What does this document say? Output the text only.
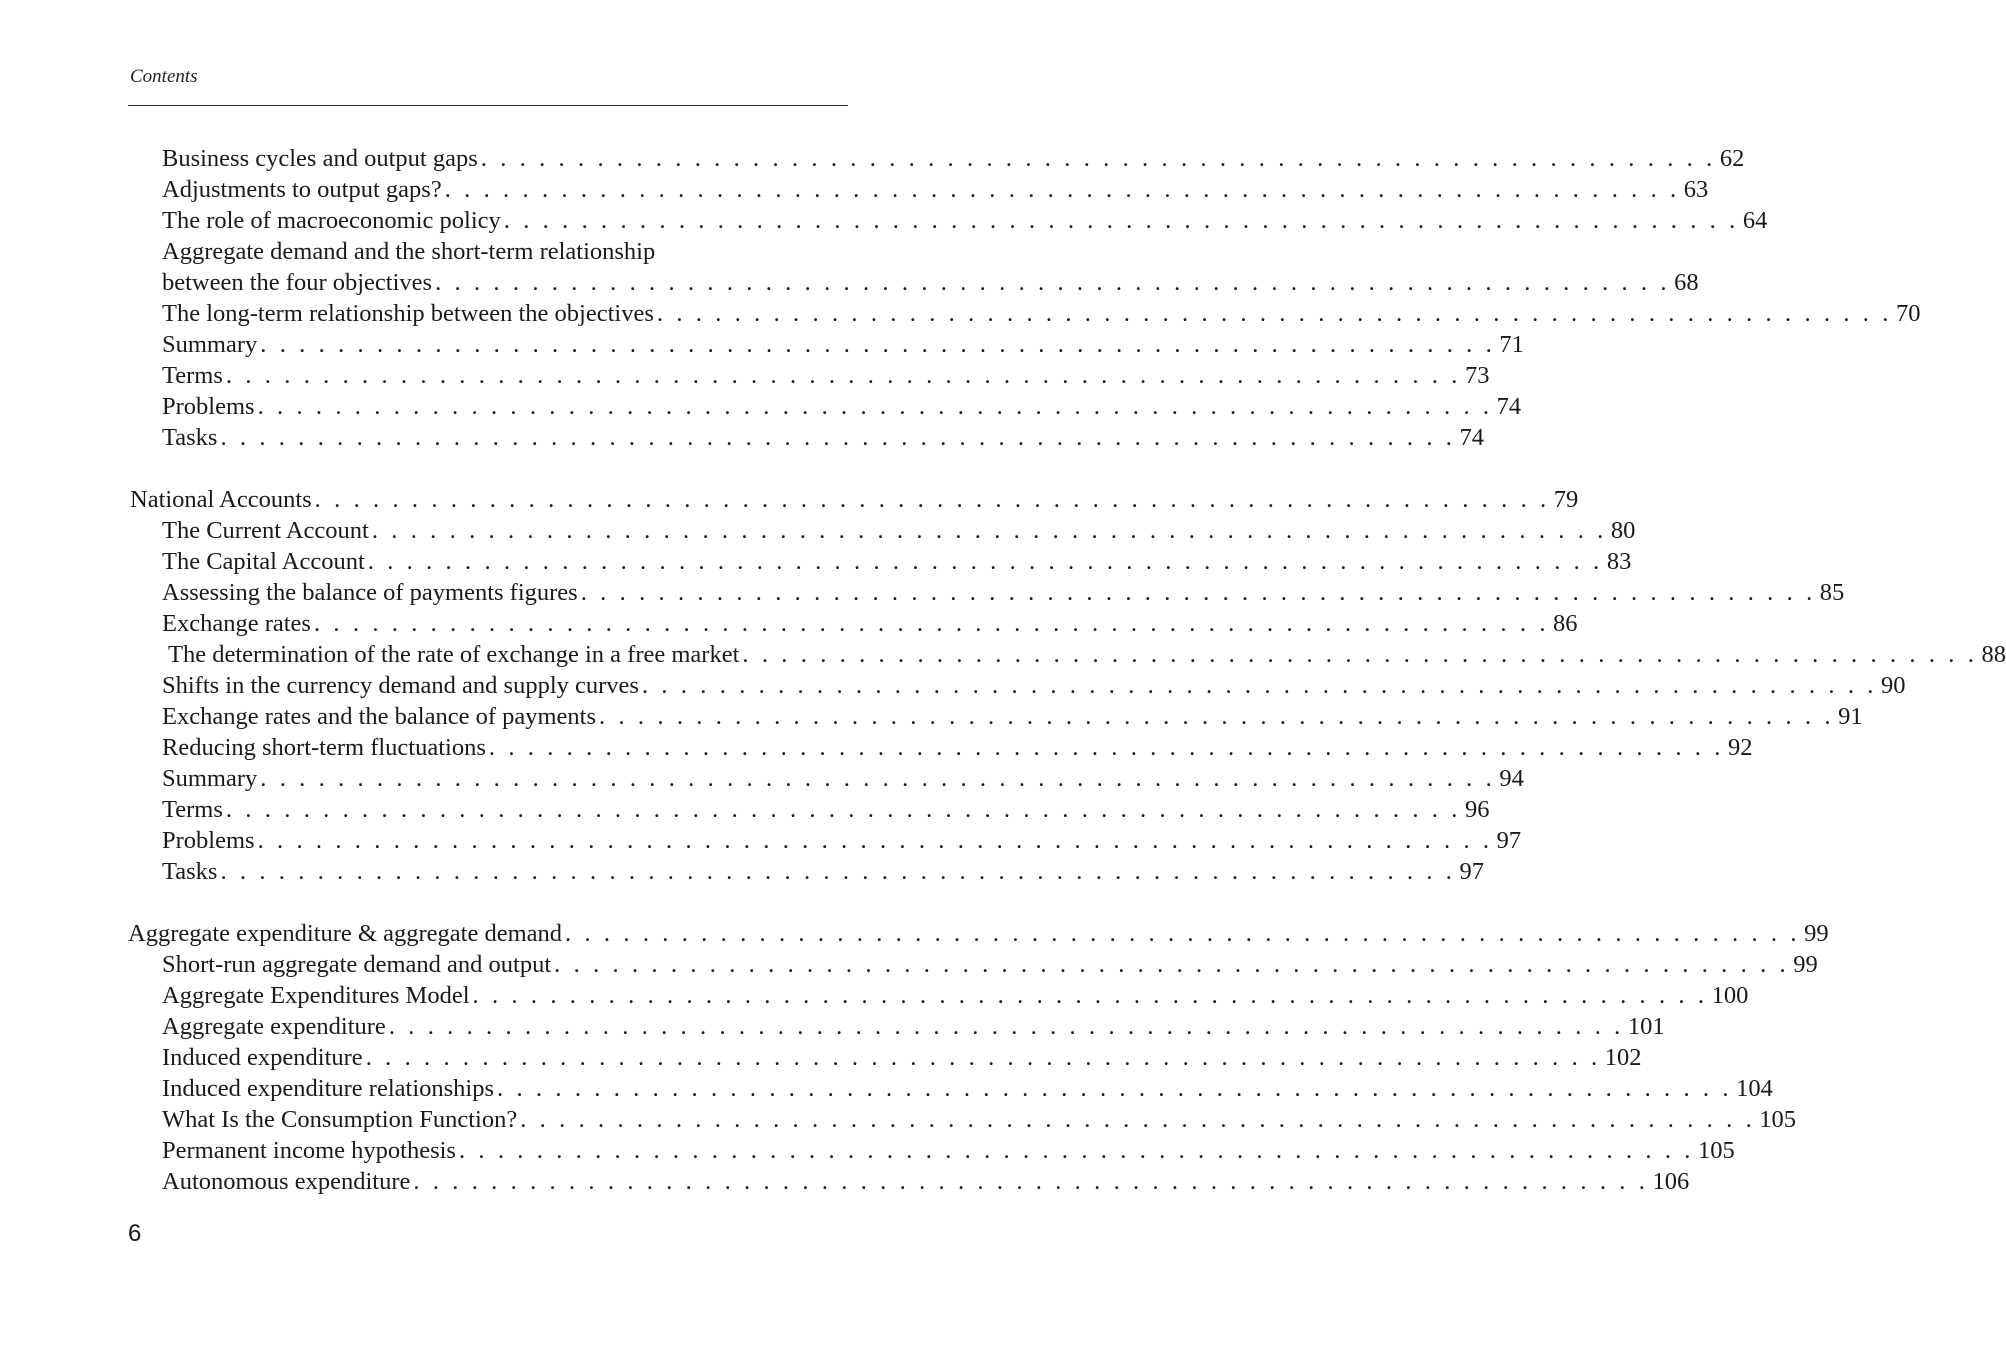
Contents
Business cycles and output gaps . . . . . . . . . . . . . . . . . . . . . . . . . . . . . . . . . . . . . . . . . . . . . . . . . . . . . . . . . . . . . . . . 62
Adjustments to output gaps? . . . . . . . . . . . . . . . . . . . . . . . . . . . . . . . . . . . . . . . . . . . . . . . . . . . . . . . . . . . . . . . . 63
The role of macroeconomic policy . . . . . . . . . . . . . . . . . . . . . . . . . . . . . . . . . . . . . . . . . . . . . . . . . . . . . . . . . . . . . . . . 64
Aggregate demand and the short-term relationship
between the four objectives . . . . . . . . . . . . . . . . . . . . . . . . . . . . . . . . . . . . . . . . . . . . . . . . . . . . . . . . . . . . . . . . 68
The long-term relationship between the objectives . . . . . . . . . . . . . . . . . . . . . . . . . . . . . . . . . . . . . . . . . . . . . . . . . . . . . . . . . . . . . . . . 70
Summary . . . . . . . . . . . . . . . . . . . . . . . . . . . . . . . . . . . . . . . . . . . . . . . . . . . . . . . . . . . . . . . . 71
Terms . . . . . . . . . . . . . . . . . . . . . . . . . . . . . . . . . . . . . . . . . . . . . . . . . . . . . . . . . . . . . . . . 73
Problems . . . . . . . . . . . . . . . . . . . . . . . . . . . . . . . . . . . . . . . . . . . . . . . . . . . . . . . . . . . . . . . . 74
Tasks . . . . . . . . . . . . . . . . . . . . . . . . . . . . . . . . . . . . . . . . . . . . . . . . . . . . . . . . . . . . . . . . 74
National Accounts . . . . . . . . . . . . . . . . . . . . . . . . . . . . . . . . . . . . . . . . . . . . . . . . . . . . . . . . . . . . . . . . 79
The Current Account . . . . . . . . . . . . . . . . . . . . . . . . . . . . . . . . . . . . . . . . . . . . . . . . . . . . . . . . . . . . . . . . 80
The Capital Account . . . . . . . . . . . . . . . . . . . . . . . . . . . . . . . . . . . . . . . . . . . . . . . . . . . . . . . . . . . . . . . . 83
Assessing the balance of payments figures . . . . . . . . . . . . . . . . . . . . . . . . . . . . . . . . . . . . . . . . . . . . . . . . . . . . . . . . . . . . . . . . 85
Exchange rates . . . . . . . . . . . . . . . . . . . . . . . . . . . . . . . . . . . . . . . . . . . . . . . . . . . . . . . . . . . . . . . . 86
The determination of the rate of exchange in a free market . . . . . . . . . . . . . . . . . . . . . . . . . . . . . . . . . . . . . . . . . . . . . . . . . . . . . . . . . . . . . . . . 88
Shifts in the currency demand and supply curves . . . . . . . . . . . . . . . . . . . . . . . . . . . . . . . . . . . . . . . . . . . . . . . . . . . . . . . . . . . . . . . . 90
Exchange rates and the balance of payments . . . . . . . . . . . . . . . . . . . . . . . . . . . . . . . . . . . . . . . . . . . . . . . . . . . . . . . . . . . . . . . . 91
Reducing short-term fluctuations . . . . . . . . . . . . . . . . . . . . . . . . . . . . . . . . . . . . . . . . . . . . . . . . . . . . . . . . . . . . . . . . 92
Summary . . . . . . . . . . . . . . . . . . . . . . . . . . . . . . . . . . . . . . . . . . . . . . . . . . . . . . . . . . . . . . . . 94
Terms . . . . . . . . . . . . . . . . . . . . . . . . . . . . . . . . . . . . . . . . . . . . . . . . . . . . . . . . . . . . . . . . 96
Problems . . . . . . . . . . . . . . . . . . . . . . . . . . . . . . . . . . . . . . . . . . . . . . . . . . . . . . . . . . . . . . . . 97
Tasks . . . . . . . . . . . . . . . . . . . . . . . . . . . . . . . . . . . . . . . . . . . . . . . . . . . . . . . . . . . . . . . . 97
Aggregate expenditure & aggregate demand . . . . . . . . . . . . . . . . . . . . . . . . . . . . . . . . . . . . . . . . . . . . . . . . . . . . . . . . . . . . . . . . 99
Short-run aggregate demand and output . . . . . . . . . . . . . . . . . . . . . . . . . . . . . . . . . . . . . . . . . . . . . . . . . . . . . . . . . . . . . . . . 99
Aggregate Expenditures Model . . . . . . . . . . . . . . . . . . . . . . . . . . . . . . . . . . . . . . . . . . . . . . . . . . . . . . . . . . . . . . . . 100
Aggregate expenditure . . . . . . . . . . . . . . . . . . . . . . . . . . . . . . . . . . . . . . . . . . . . . . . . . . . . . . . . . . . . . . . . 101
Induced expenditure . . . . . . . . . . . . . . . . . . . . . . . . . . . . . . . . . . . . . . . . . . . . . . . . . . . . . . . . . . . . . . . . 102
Induced expenditure relationships . . . . . . . . . . . . . . . . . . . . . . . . . . . . . . . . . . . . . . . . . . . . . . . . . . . . . . . . . . . . . . . . 104
What Is the Consumption Function? . . . . . . . . . . . . . . . . . . . . . . . . . . . . . . . . . . . . . . . . . . . . . . . . . . . . . . . . . . . . . . . . 105
Permanent income hypothesis . . . . . . . . . . . . . . . . . . . . . . . . . . . . . . . . . . . . . . . . . . . . . . . . . . . . . . . . . . . . . . . . 105
Autonomous expenditure . . . . . . . . . . . . . . . . . . . . . . . . . . . . . . . . . . . . . . . . . . . . . . . . . . . . . . . . . . . . . . . . 106
6
